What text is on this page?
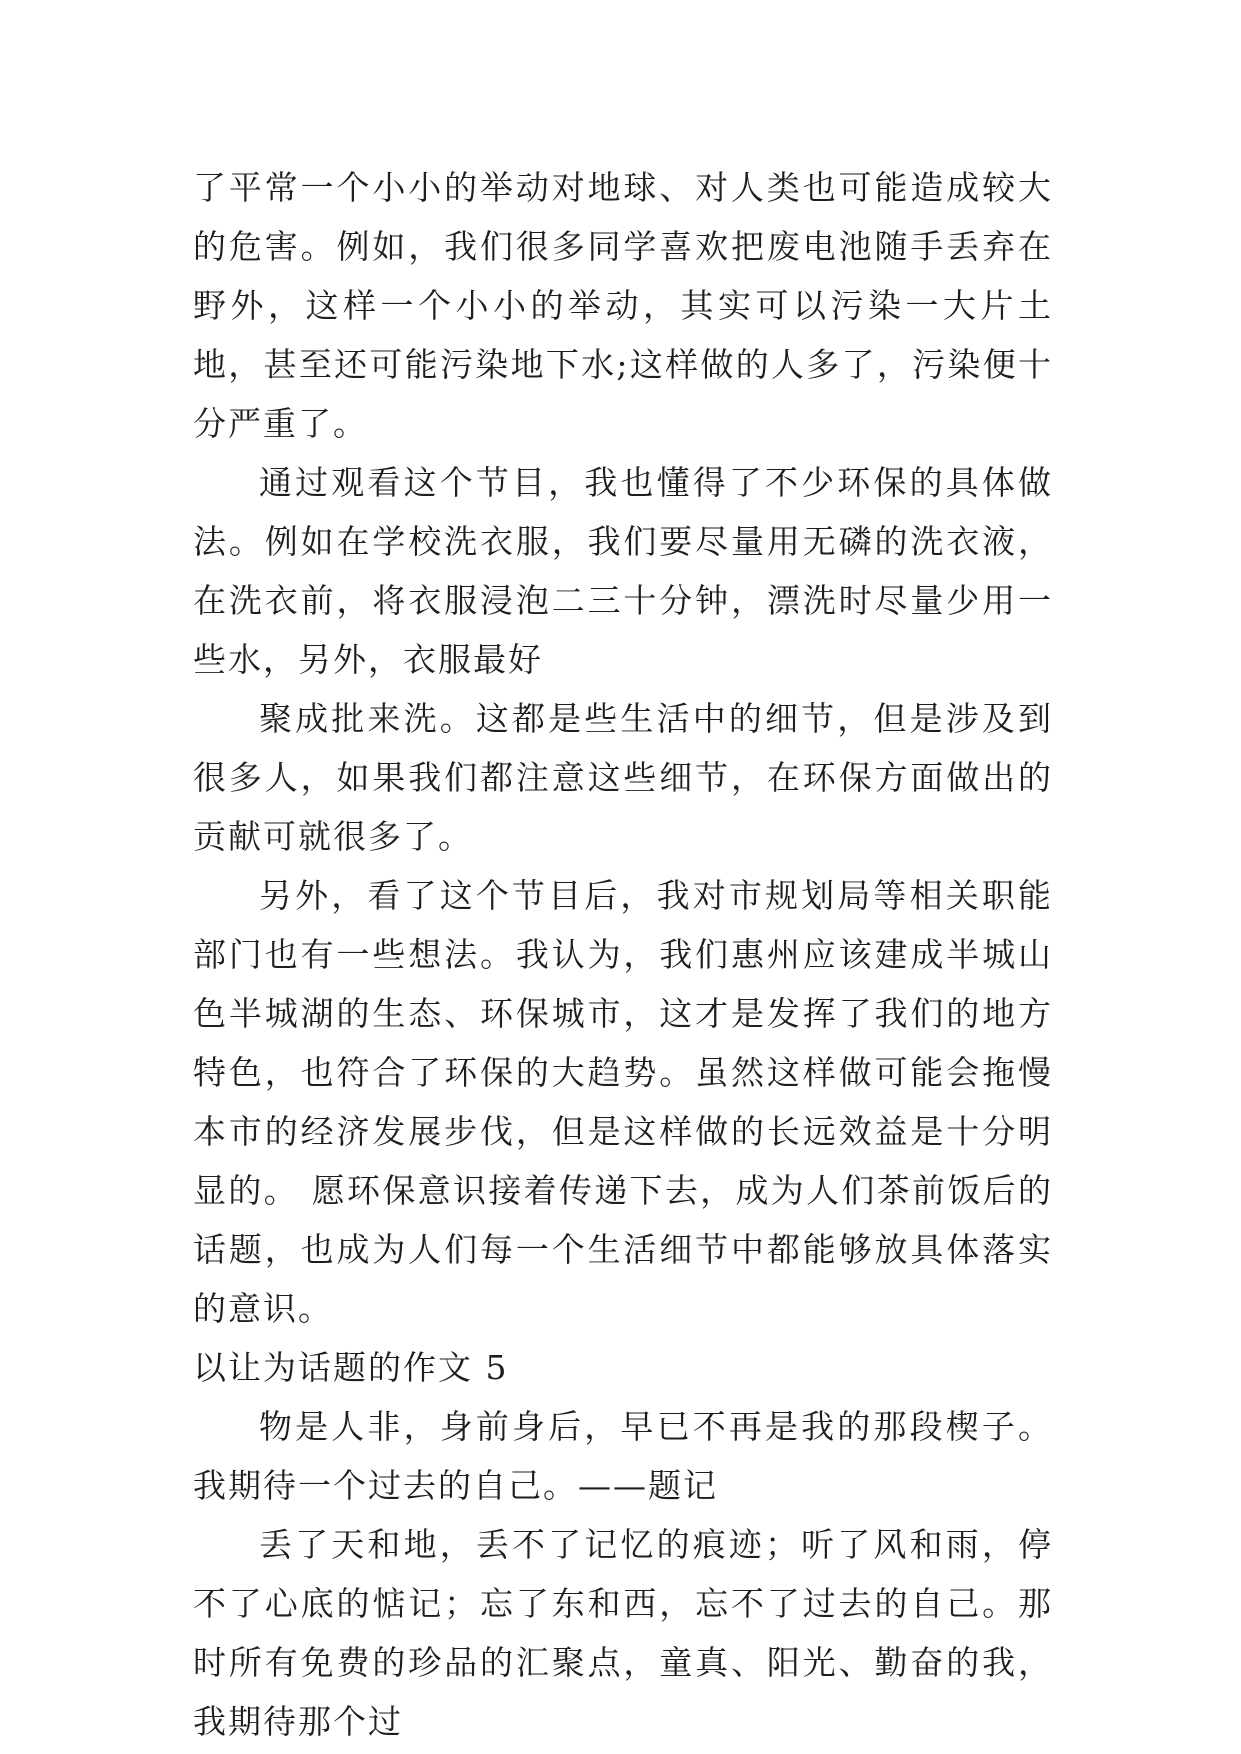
了平常一个小小的举动对地球、对人类也可能造成较大的危害。例如，我们很多同学喜欢把废电池随手丢弃在野外，这样一个小小的举动，其实可以污染一大片土地，甚至还可能污染地下水;这样做的人多了，污染便十分严重了。

通过观看这个节目，我也懂得了不少环保的具体做法。例如在学校洗衣服，我们要尽量用无磷的洗衣液，在洗衣前，将衣服浸泡二三十分钟，漂洗时尽量少用一些水，另外，衣服最好

聚成批来洗。这都是些生活中的细节，但是涉及到很多人，如果我们都注意这些细节，在环保方面做出的贡献可就很多了。

另外，看了这个节目后，我对市规划局等相关职能部门也有一些想法。我认为，我们惠州应该建成半城山色半城湖的生态、环保城市，这才是发挥了我们的地方特色，也符合了环保的大趋势。虽然这样做可能会拖慢本市的经济发展步伐，但是这样做的长远效益是十分明显的。 愿环保意识接着传递下去，成为人们茶前饭后的话题，也成为人们每一个生活细节中都能够放具体落实的意识。

以让为话题的作文 5

物是人非，身前身后，早已不再是我的那段楔子。我期待一个过去的自己。——题记

丢了天和地，丢不了记忆的痕迹；听了风和雨，停不了心底的惦记；忘了东和西，忘不了过去的自己。那时所有免费的珍品的汇聚点，童真、阳光、勤奋的我，我期待那个过
